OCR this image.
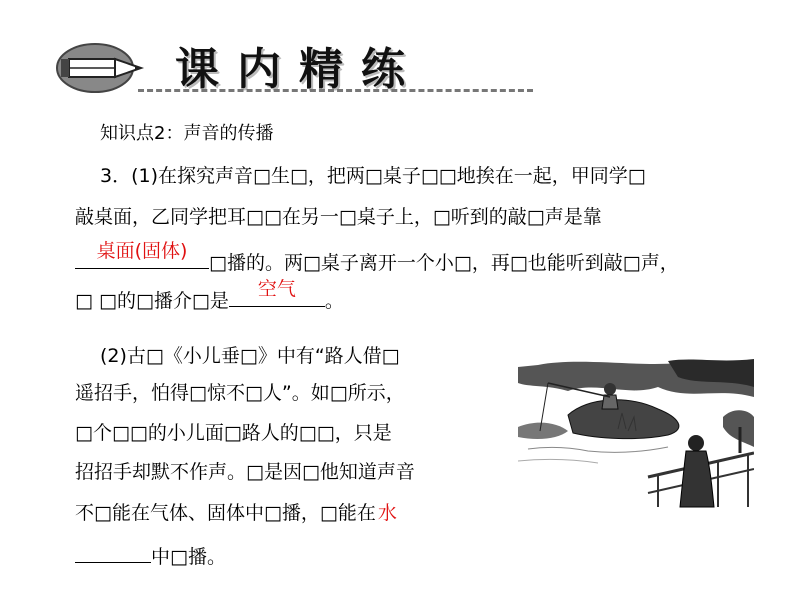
课内精练
知识点2：声音的传播
3．(1)在探究声音□生□，把两□桌子□□地挨在一起，甲同学□
敲桌面，乙同学把耳□□在另一□桌子上，□听到的敲□声是靠
桌面(固体)
□播的。两□桌子离开一个小□，再□也能听到敲□声，
□ □的□播介□是
空气
。
(2)古□《小儿垂□》中有“路人借□
遥招手，怕得□惊不□人”。如□所示，
□个□□的小儿面□路人的□□，只是
招招手却默不作声。□是因□他知道声音
不□能在气体、固体中□播，□能在 水
中□播。
